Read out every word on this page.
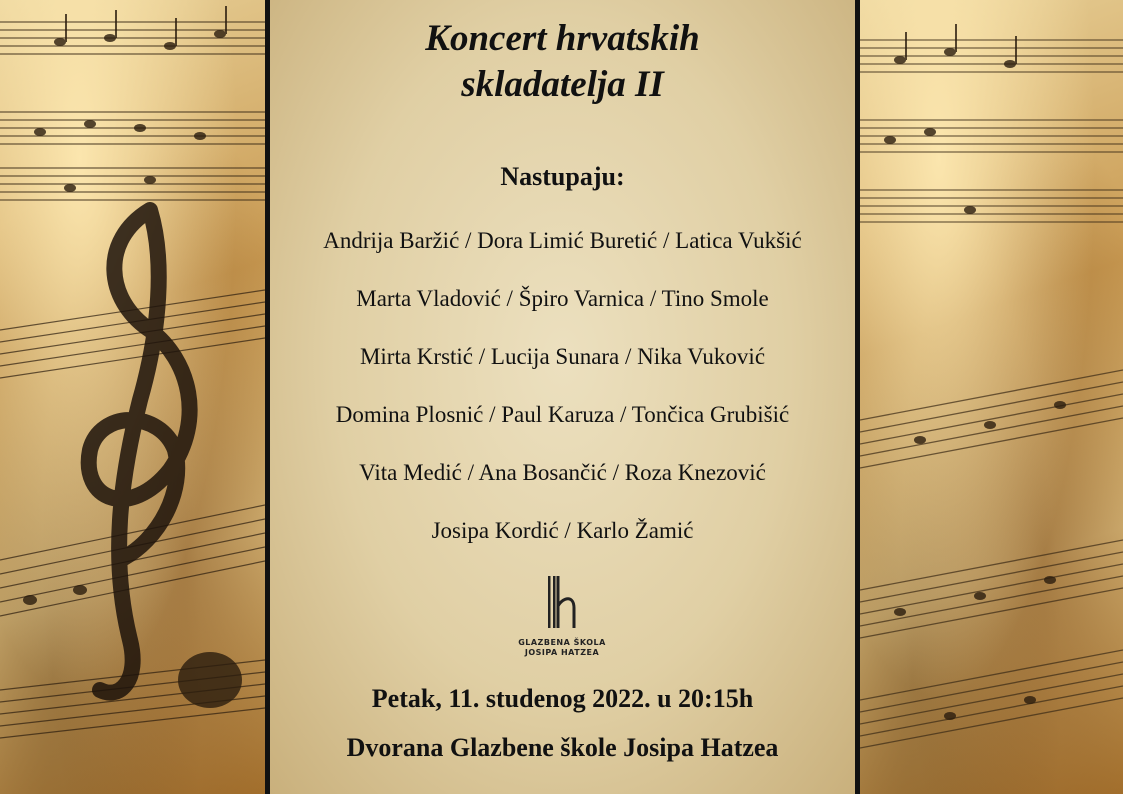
Koncert hrvatskih
skladatelja II
Nastupaju:
Andrija Baržić / Dora Limić Buretić / Latica Vukšić
Marta Vladović / Špiro Varnica / Tino Smole
Mirta Krstić / Lucija Sunara / Nika Vuković
Domina Plosnić / Paul Karuza / Tončica Grubišić
Vita Medić / Ana Bosančić / Roza Knezović
Josipa Kordić / Karlo Žamić
GLAZBENA ŠKOLA
JOSIPA HATZEA
Petak, 11. studenog 2022. u 20:15h
Dvorana Glazbene škole Josipa Hatzea
